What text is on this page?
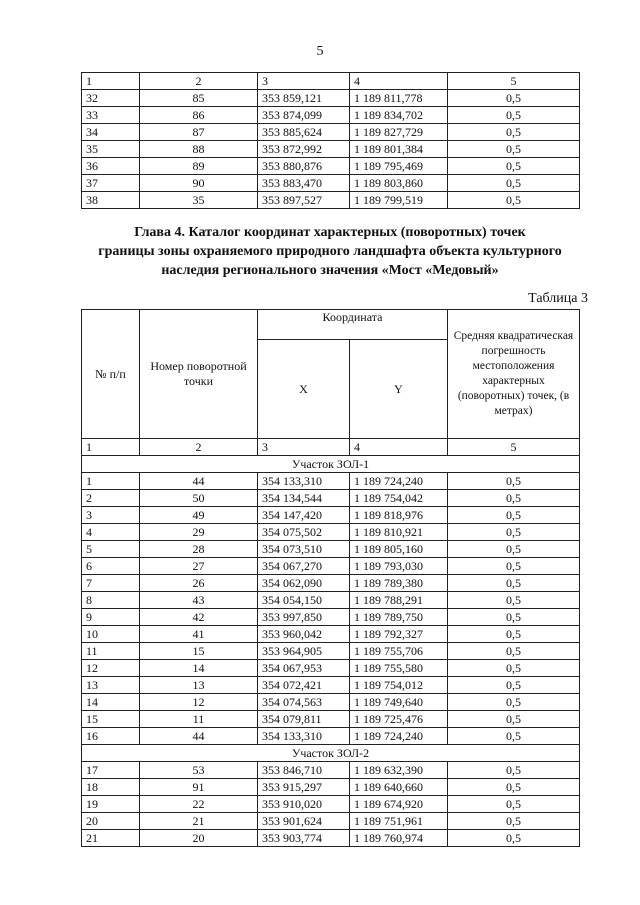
5
1	2	3	4	5
32	85	353 859,121	1 189 811,778	0,5
33	86	353 874,099	1 189 834,702	0,5
34	87	353 885,624	1 189 827,729	0,5
35	88	353 872,992	1 189 801,384	0,5
36	89	353 880,876	1 189 795,469	0,5
37	90	353 883,470	1 189 803,860	0,5
38	35	353 897,527	1 189 799,519	0,5
Глава 4. Каталог координат характерных (поворотных) точек
границы зоны охраняемого природного ландшафта объекта культурного
наследия регионального значения «Мост «Медовый»
Таблица 3
№ п/п	Номер поворотной точки	Координата		Средняя квадратическая погрешность местоположения характерных (поворотных) точек, (в метрах)
		X	Y	
1	2	3	4	5
Участок ЗОЛ-1				
1	44	354 133,310	1 189 724,240	0,5
2	50	354 134,544	1 189 754,042	0,5
3	49	354 147,420	1 189 818,976	0,5
4	29	354 075,502	1 189 810,921	0,5
5	28	354 073,510	1 189 805,160	0,5
6	27	354 067,270	1 189 793,030	0,5
7	26	354 062,090	1 189 789,380	0,5
8	43	354 054,150	1 189 788,291	0,5
9	42	353 997,850	1 189 789,750	0,5
10	41	353 960,042	1 189 792,327	0,5
11	15	353 964,905	1 189 755,706	0,5
12	14	354 067,953	1 189 755,580	0,5
13	13	354 072,421	1 189 754,012	0,5
14	12	354 074,563	1 189 749,640	0,5
15	11	354 079,811	1 189 725,476	0,5
16	44	354 133,310	1 189 724,240	0,5
Участок ЗОЛ-2				
17	53	353 846,710	1 189 632,390	0,5
18	91	353 915,297	1 189 640,660	0,5
19	22	353 910,020	1 189 674,920	0,5
20	21	353 901,624	1 189 751,961	0,5
21	20	353 903,774	1 189 760,974	0,5
